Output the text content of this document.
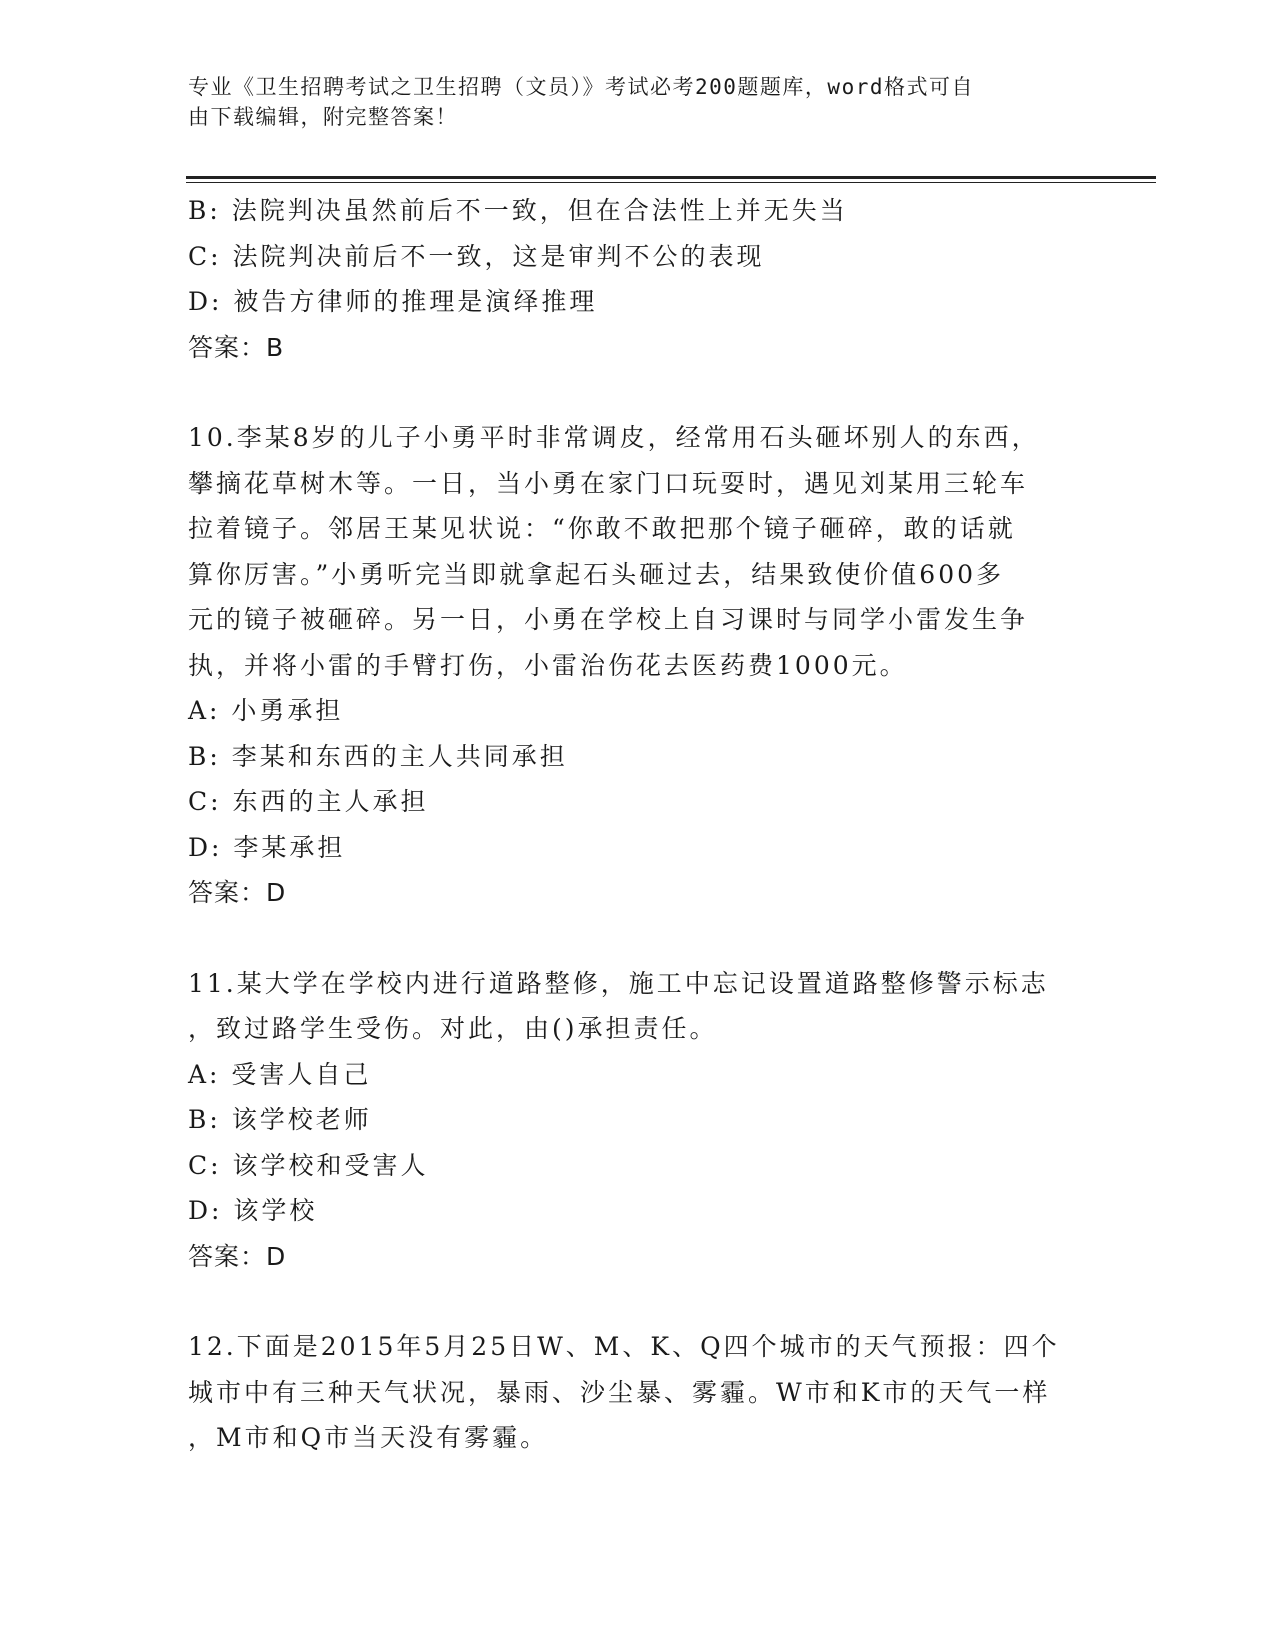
专业《卫生招聘考试之卫生招聘（文员）》考试必考200题题库，word格式可自
由下载编辑，附完整答案！
B: 法院判决虽然前后不一致，但在合法性上并无失当
C: 法院判决前后不一致，这是审判不公的表现
D: 被告方律师的推理是演绎推理
答案：B
10.李某8岁的儿子小勇平时非常调皮，经常用石头砸坏别人的东西，
攀摘花草树木等。一日，当小勇在家门口玩耍时，遇见刘某用三轮车
拉着镜子。邻居王某见状说：“你敢不敢把那个镜子砸碎，敢的话就
算你厉害。”小勇听完当即就拿起石头砸过去，结果致使价值600多
元的镜子被砸碎。另一日，小勇在学校上自习课时与同学小雷发生争
执，并将小雷的手臂打伤，小雷治伤花去医药费1000元。
A: 小勇承担
B: 李某和东西的主人共同承担
C: 东西的主人承担
D: 李某承担
答案：D
11.某大学在学校内进行道路整修，施工中忘记设置道路整修警示标志
，致过路学生受伤。对此，由()承担责任。
A: 受害人自己
B: 该学校老师
C: 该学校和受害人
D: 该学校
答案：D
12.下面是2015年5月25日W、M、K、Q四个城市的天气预报：四个
城市中有三种天气状况，暴雨、沙尘暴、雾霾。W市和K市的天气一样
，M市和Q市当天没有雾霾。
